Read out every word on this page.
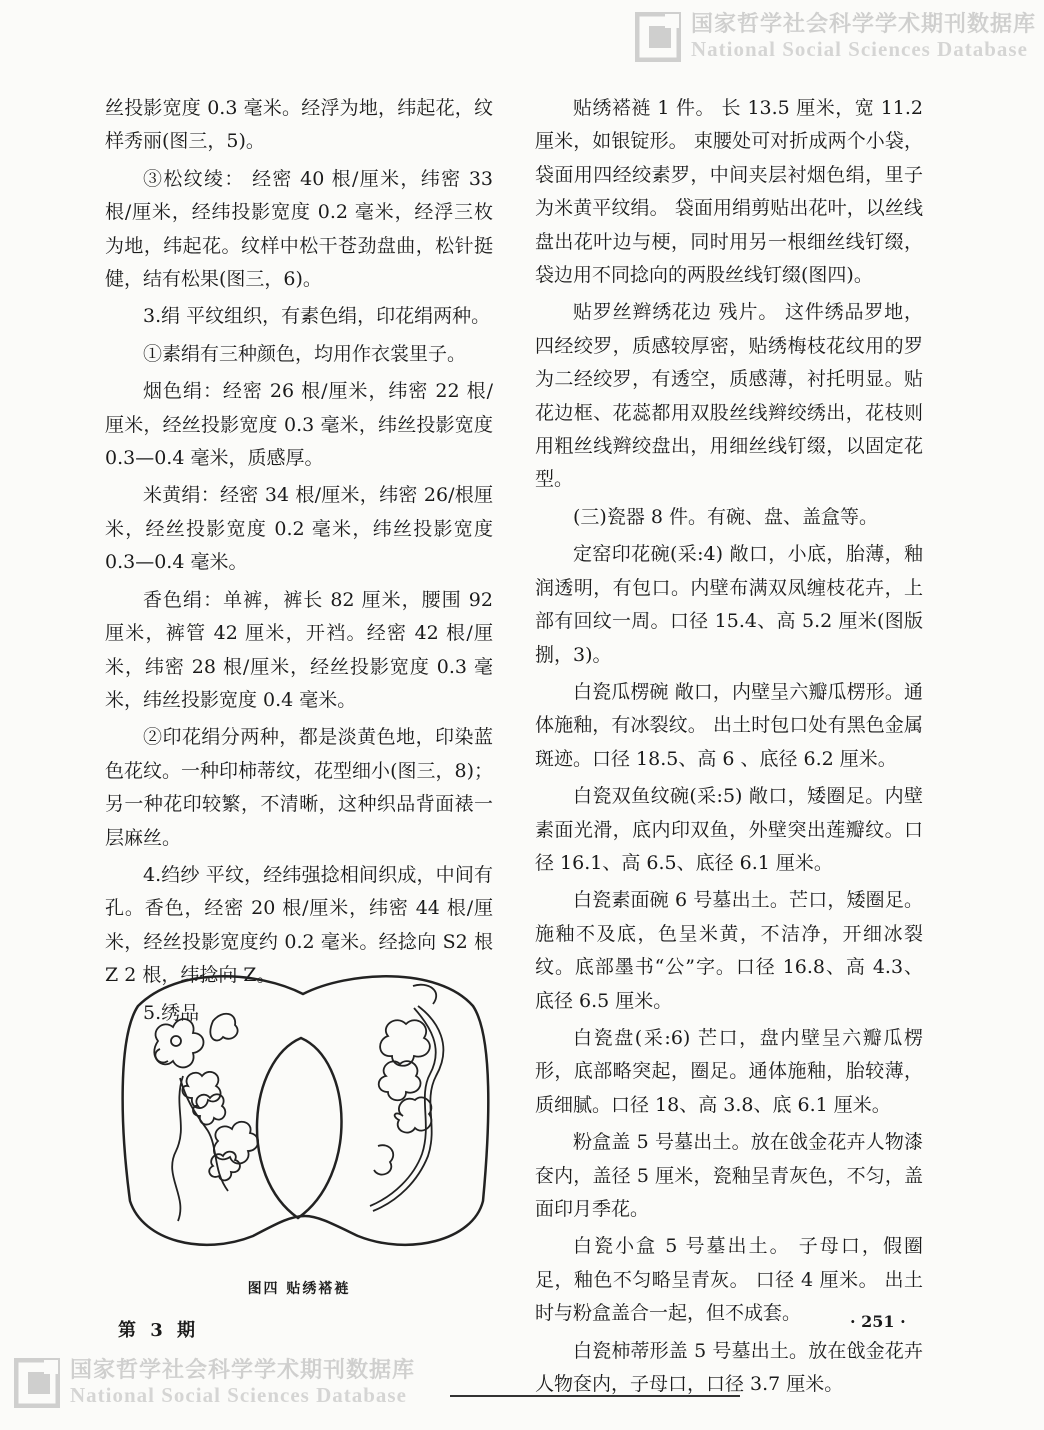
国家哲学社会科学学术期刊数据库
National Social Sciences Database
国家哲学社会科学学术期刊数据库
National Social Sciences Database

丝投影宽度 0.3 毫米。经浮为地，纬起花，纹样秀丽(图三，5)。

③松纹绫： 经密 40 根/厘米，纬密 33 根/厘米，经纬投影宽度 0.2 毫米，经浮三枚为地，纬起花。纹样中松干苍劲盘曲，松针挺健，结有松果(图三，6)。

3.绢 平纹组织，有素色绢，印花绢两种。

①素绢有三种颜色，均用作衣裳里子。

烟色绢：经密 26 根/厘米，纬密 22 根/厘米，经丝投影宽度 0.3 毫米，纬丝投影宽度 0.3—0.4 毫米，质感厚。

米黄绢：经密 34 根/厘米，纬密 26/根厘米，经丝投影宽度 0.2 毫米，纬丝投影宽度 0.3—0.4 毫米。

香色绢：单裤，裤长 82 厘米，腰围 92 厘米，裤管 42 厘米，开裆。经密 42 根/厘米，纬密 28 根/厘米，经丝投影宽度 0.3 毫米，纬丝投影宽度 0.4 毫米。

②印花绢分两种，都是淡黄色地，印染蓝色花纹。一种印柿蒂纹，花型细小(图三，8)；另一种花印较繁，不清晰，这种织品背面裱一层麻丝。

4.绉纱 平纹，经纬强捻相间织成，中间有孔。香色，经密 20 根/厘米，纬密 44 根/厘米，经丝投影宽度约 0.2 毫米。经捻向 S2 根 Z 2 根，纬捻向 Z。

5.绣品

图四 贴绣褡裢

贴绣褡裢 1 件。 长 13.5 厘米，宽 11.2 厘米，如银锭形。 束腰处可对折成两个小袋，袋面用四经绞素罗，中间夹层衬烟色绢，里子为米黄平纹绢。 袋面用绢剪贴出花叶，以丝线盘出花叶边与梗，同时用另一根细丝线钉缀，袋边用不同捻向的两股丝线钉缀(图四)。

贴罗丝辫绣花边 残片。 这件绣品罗地，四经绞罗，质感较厚密，贴绣梅枝花纹用的罗为二经绞罗，有透空，质感薄，衬托明显。贴花边框、花蕊都用双股丝线辫绞绣出，花枝则用粗丝线辫绞盘出，用细丝线钉缀，以固定花型。

(三)瓷器 8 件。有碗、盘、盖盒等。

定窑印花碗(采:4) 敞口，小底，胎薄，釉润透明，有包口。内壁布满双凤缠枝花卉，上部有回纹一周。口径 15.4、高 5.2 厘米(图版捌，3)。

白瓷瓜楞碗 敞口，内壁呈六瓣瓜楞形。通体施釉，有冰裂纹。 出土时包口处有黑色金属斑迹。口径 18.5、高 6 、底径 6.2 厘米。

白瓷双鱼纹碗(采:5) 敞口，矮圈足。内壁素面光滑，底内印双鱼，外壁突出莲瓣纹。口径 16.1、高 6.5、底径 6.1 厘米。

白瓷素面碗 6 号墓出土。芒口，矮圈足。施釉不及底，色呈米黄，不洁净，开细冰裂纹。底部墨书“公”字。口径 16.8、高 4.3、底径 6.5 厘米。

白瓷盘(采:6) 芒口，盘内壁呈六瓣瓜楞形，底部略突起，圈足。通体施釉，胎较薄，质细腻。口径 18、高 3.8、底 6.1 厘米。

粉盒盖 5 号墓出土。放在戗金花卉人物漆奁内，盖径 5 厘米，瓷釉呈青灰色，不匀，盖面印月季花。

白瓷小盒 5 号墓出土。 子母口，假圈足，釉色不匀略呈青灰。 口径 4 厘米。 出土时与粉盒盖合一起，但不成套。

白瓷柿蒂形盖 5 号墓出土。放在戗金花卉人物奁内，子母口，口径 3.7 厘米。

第 3 期	· 251 ·
